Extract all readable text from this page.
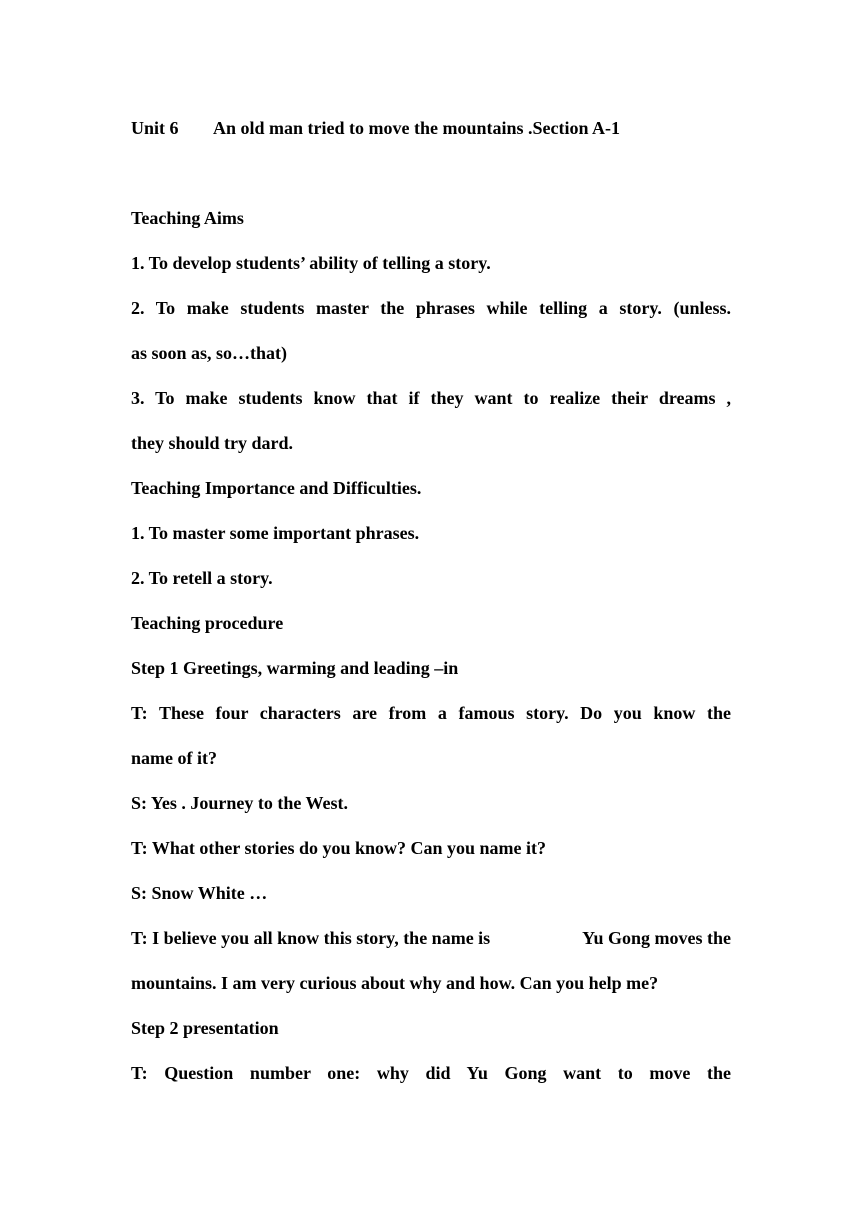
Unit 6 An old man tried to move the mountains .Section A-1
Teaching Aims
1. To develop students’ ability of telling a story.
2. To make students master the phrases while telling a story. (unless.
as soon as, so…that)
3. To make students know that if they want to realize their dreams ,
they should try dard.
Teaching Importance and Difficulties.
1. To master some important phrases.
2. To retell a story.
Teaching procedure
Step 1 Greetings, warming and leading –in
T: These four characters are from a famous story. Do you know the
name of it?
S: Yes . Journey to the West.
T: What other stories do you know? Can you name it?
S: Snow White …
T: I believe you all know this story, the name is	Yu Gong moves the
mountains. I am very curious about why and how. Can you help me?
Step 2 presentation
T: Question number one: why did Yu Gong want to move the
